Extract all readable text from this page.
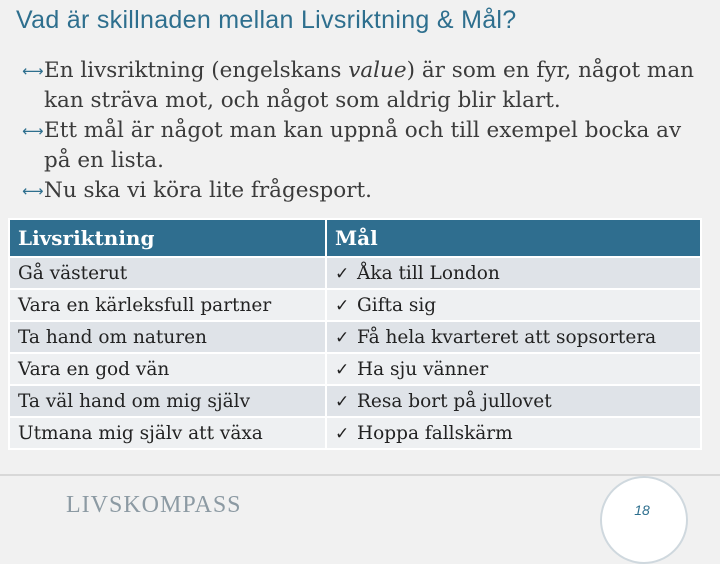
Vad är skillnaden mellan Livsriktning & Mål?
⟷ En livsriktning (engelskans value) är som en fyr, något man kan sträva mot, och något som aldrig blir klart.
⟷ Ett mål är något man kan uppnå och till exempel bocka av på en lista.
⟷ Nu ska vi köra lite frågesport.
Livsriktning	Mål
Gå västerut	✓ Åka till London
Vara en kärleksfull partner	✓ Gifta sig
Ta hand om naturen	✓ Få hela kvarteret att sopsortera
Vara en god vän	✓ Ha sju vänner
Ta väl hand om mig själv	✓ Resa bort på jullovet
Utmana mig själv att växa	✓ Hoppa fallskärm
LIVSKOMPASS	18
